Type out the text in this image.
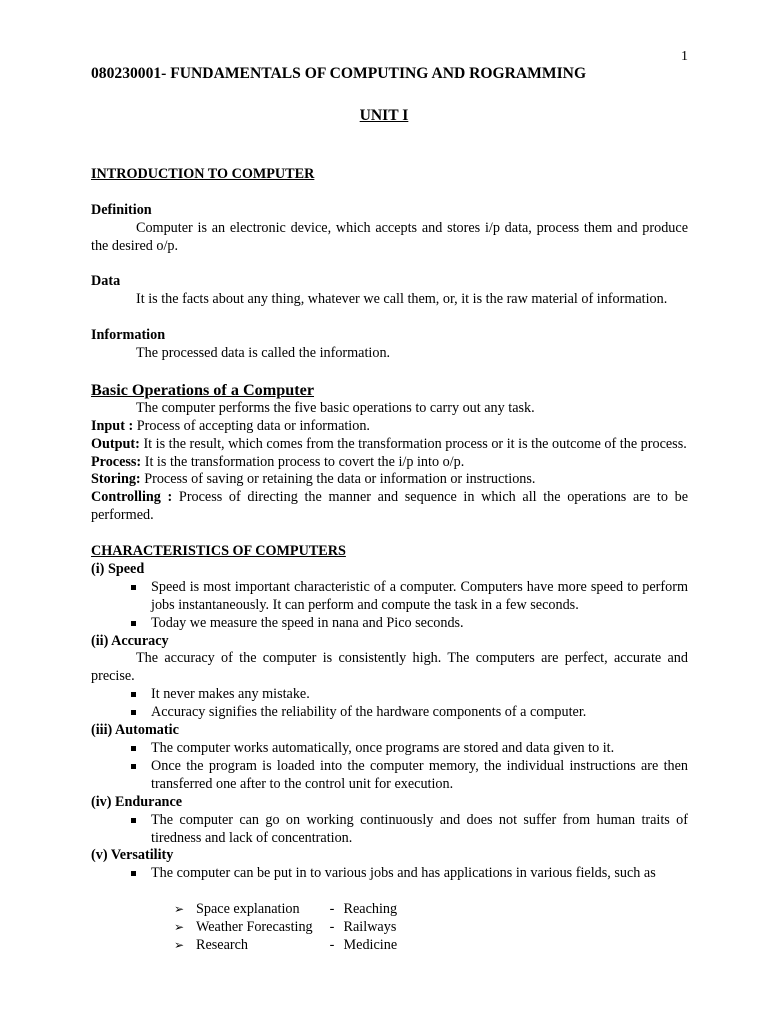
1
080230001- FUNDAMENTALS OF COMPUTING AND ROGRAMMING
UNIT I

INTRODUCTION TO COMPUTER

Definition

Computer is an electronic device, which accepts and stores i/p data, process them and produce the desired o/p.

Data

It is the facts about any thing, whatever we call them, or, it is the raw material of information.

Information

The processed data is called the information.

Basic Operations of a Computer

The computer performs the five basic operations to carry out any task.

Input : Process of accepting data or information.

Output: It is the result, which comes from the transformation process or it is the outcome of the process.

Process: It is the transformation process to covert the i/p into o/p.

Storing: Process of saving or retaining the data or information or instructions.

Controlling : Process of directing the manner and sequence in which all the operations are to be performed.

CHARACTERISTICS OF COMPUTERS

(i) Speed

Speed is most important characteristic of a computer. Computers have more speed to perform jobs instantaneously. It can perform and compute the task in a few seconds.
Today we measure the speed in nana and Pico seconds.

(ii) Accuracy

The accuracy of the computer is consistently high. The computers are perfect, accurate and precise.

It never makes any mistake.
Accuracy signifies the reliability of the hardware components of a computer.

(iii) Automatic

The computer works automatically, once programs are stored and data given to it.
Once the program is loaded into the computer memory, the individual instructions are then transferred one after to the control unit for execution.

(iv) Endurance

The computer can go on working continuously and does not suffer from human traits of tiredness and lack of concentration.

(v) Versatility

The computer can be put in to various jobs and has applications in various fields, such as
➢ Space explanation - Reaching
➢ Weather Forecasting - Railways
➢ Research	- Medicine
